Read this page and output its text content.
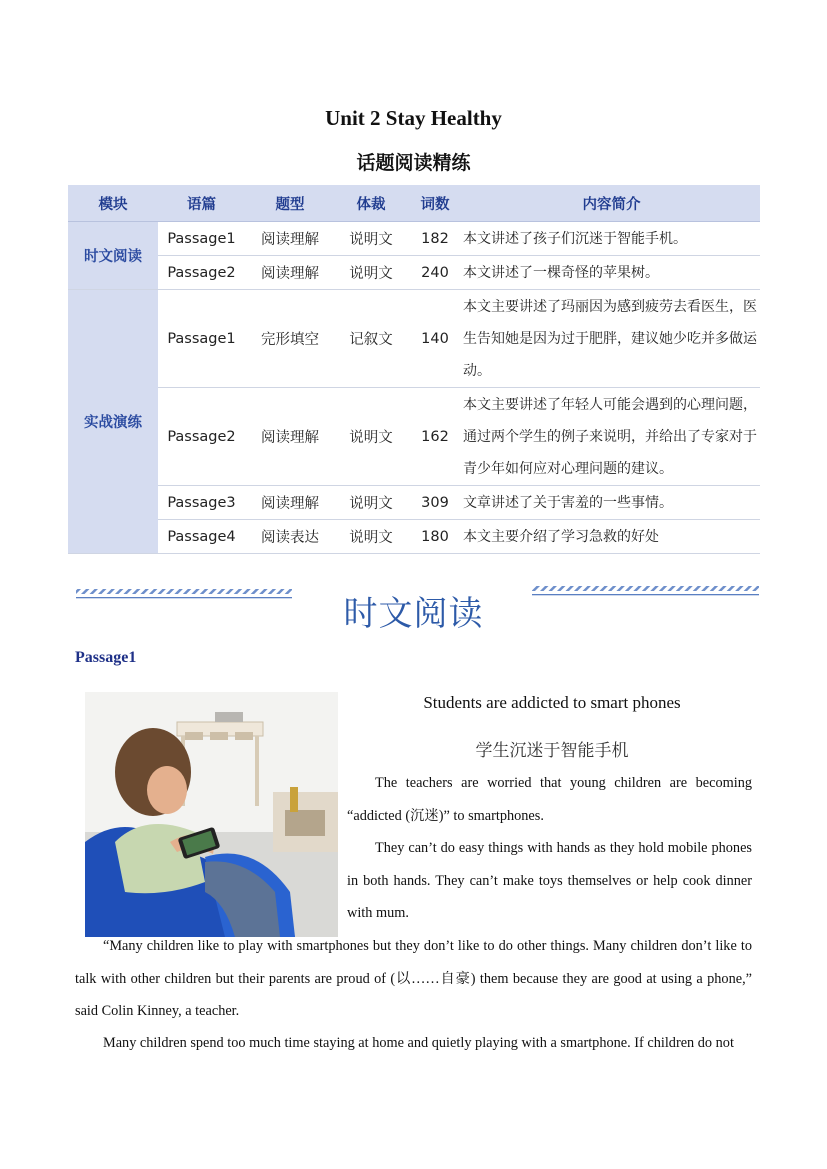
Unit 2 Stay Healthy
话题阅读精练
模块	语篇	题型	体裁	词数	内容简介
时文阅读	Passage1	阅读理解	说明文	182	本文讲述了孩子们沉迷于智能手机。
	Passage2	阅读理解	说明文	240	本文讲述了一棵奇怪的苹果树。
实战演练	Passage1	完形填空	记叙文	140	本文主要讲述了玛丽因为感到疲劳去看医生，医生告知她是因为过于肥胖，建议她少吃并多做运动。
	Passage2	阅读理解	说明文	162	本文主要讲述了年轻人可能会遇到的心理问题，通过两个学生的例子来说明，并给出了专家对于青少年如何应对心理问题的建议。
	Passage3	阅读理解	说明文	309	文章讲述了关于害羞的一些事情。
	Passage4	阅读表达	说明文	180	本文主要介绍了学习急救的好处
时文阅读
Passage1
Students are addicted to smart phones
学生沉迷于智能手机
The teachers are worried that young children are becoming “addicted (沉迷)” to smartphones.
They can’t do easy things with hands as they hold mobile phones in both hands. They can’t make toys themselves or help cook dinner with mum.
“Many children like to play with smartphones but they don’t like to do other things. Many children don’t like to talk with other children but their parents are proud of (以……自豪) them because they are good at using a phone,” said Colin Kinney, a teacher.
Many children spend too much time staying at home and quietly playing with a smartphone. If children do not
